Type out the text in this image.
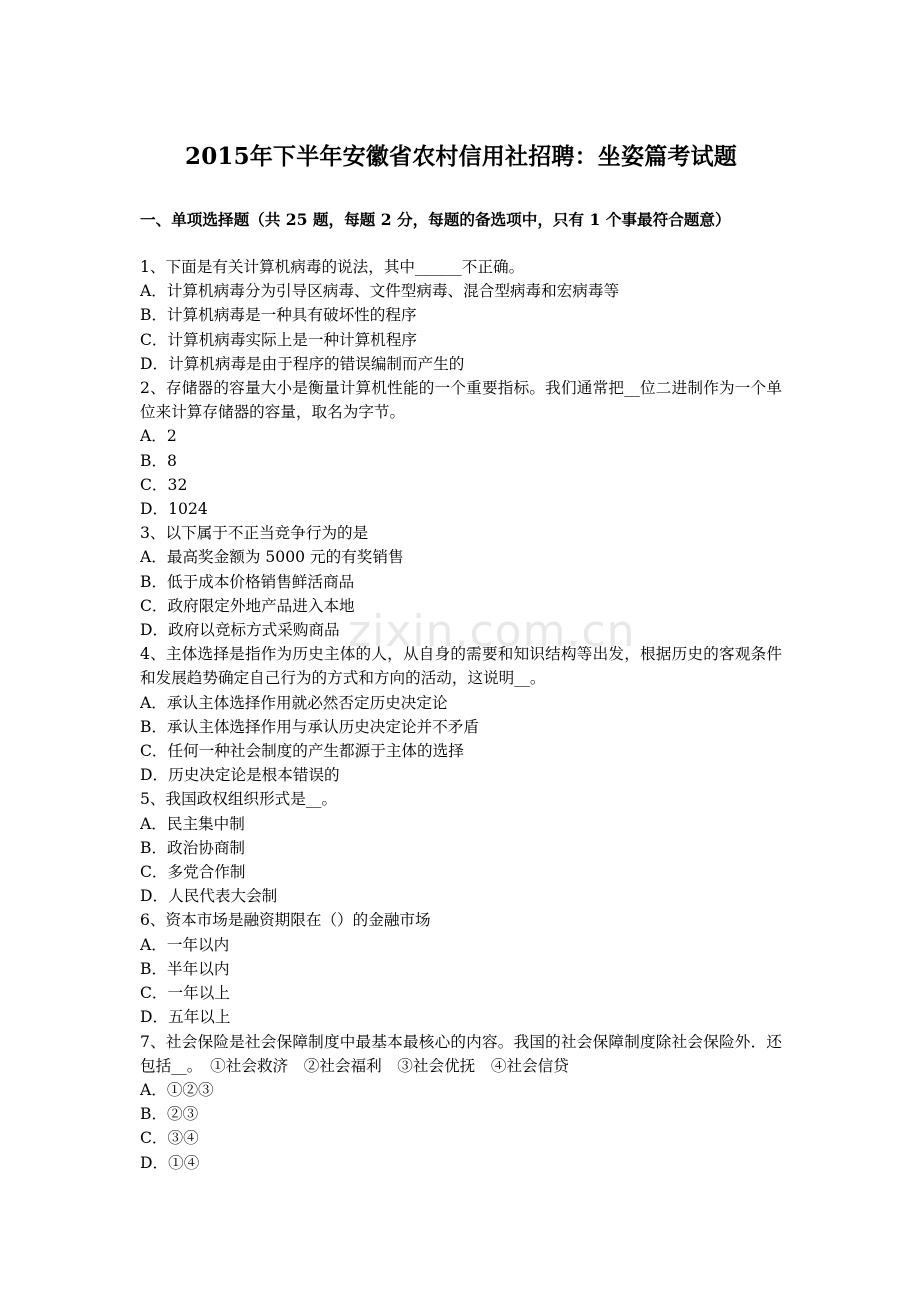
2015年下半年安徽省农村信用社招聘：坐姿篇考试题
一、单项选择题（共 25 题，每题 2 分，每题的备选项中，只有 1 个事最符合题意）

1、下面是有关计算机病毒的说法，其中______不正确。

A．计算机病毒分为引导区病毒、文件型病毒、混合型病毒和宏病毒等

B．计算机病毒是一种具有破坏性的程序

C．计算机病毒实际上是一种计算机程序

D．计算机病毒是由于程序的错误编制而产生的

2、存储器的容量大小是衡量计算机性能的一个重要指标。我们通常把__位二进制作为一个单位来计算存储器的容量，取名为字节。

A．2

B．8

C．32

D．1024

3、以下属于不正当竞争行为的是

A．最高奖金额为 5000 元的有奖销售

B．低于成本价格销售鲜活商品

C．政府限定外地产品进入本地

D．政府以竞标方式采购商品

4、主体选择是指作为历史主体的人，从自身的需要和知识结构等出发，根据历史的客观条件和发展趋势确定自己行为的方式和方向的活动，这说明__。

A．承认主体选择作用就必然否定历史决定论

B．承认主体选择作用与承认历史决定论并不矛盾

C．任何一种社会制度的产生都源于主体的选择

D．历史决定论是根本错误的

5、我国政权组织形式是__。

A．民主集中制

B．政治协商制

C．多党合作制

D．人民代表大会制

6、资本市场是融资期限在（）的金融市场

A．一年以内

B．半年以内

C．一年以上

D．五年以上

7、社会保险是社会保障制度中最基本最核心的内容。我国的社会保障制度除社会保险外．还包括__。　①社会救济　②社会福利　③社会优抚　④社会信贷

A．①②③

B．②③

C．③④

D．①④

zixin.com.cn
